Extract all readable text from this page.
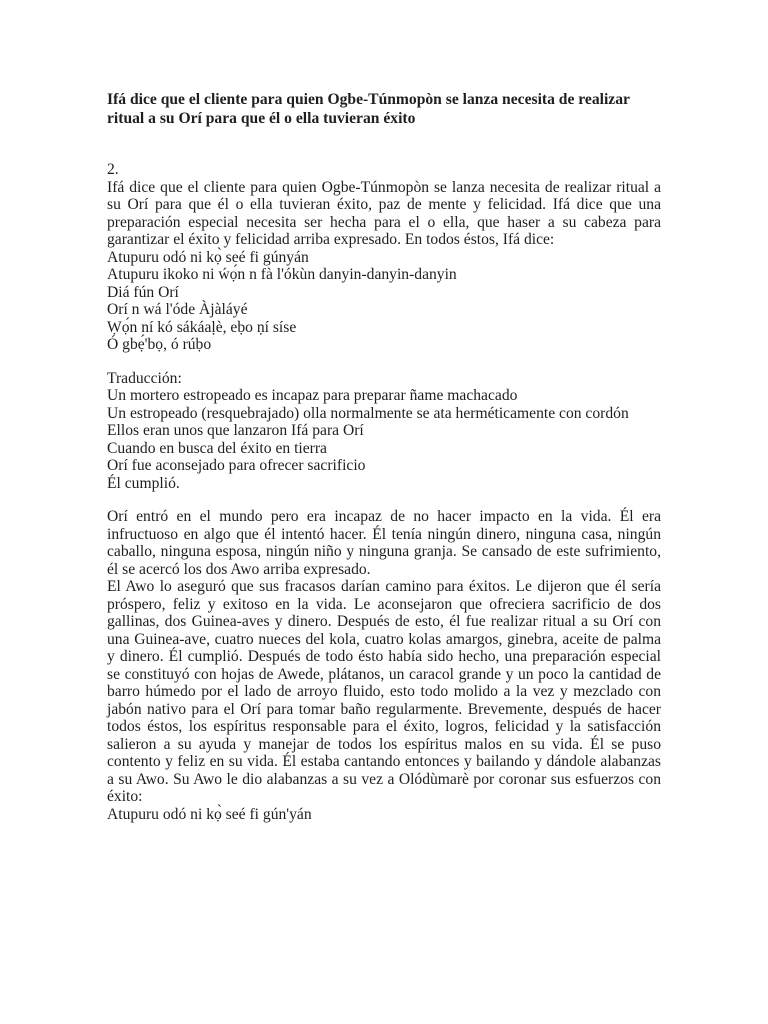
Ifá dice que el cliente para quien Ogbe-Túnmopòn se lanza necesita de realizar ritual a su Orí para que él o ella tuvieran éxito

2.

Ifá dice que el cliente para quien Ogbe-Túnmopòn se lanza necesita de realizar ritual a su Orí para que él o ella tuvieran éxito, paz de mente y felicidad. Ifá dice que una preparación especial necesita ser hecha para el o ella, que haser a su cabeza para garantizar el éxito y felicidad arriba expresado. En todos éstos, Ifá dice:

Atupuru odó ni kọ̀ seé fi gúnyán

Atupuru ikoko ni ẃọ́n n fà l'ókùn danyin-danyin-danyin

Diá fún Orí

Orí n wá l'óde Àjàláyé

Ẉọ́n ní kó sákáaḷè, eḅo ṇí síse

Ó gbẹ́'bọ, ó rúḅo

Traducción:

Un mortero estropeado es incapaz para preparar ñame machacado

Un estropeado (resquebrajado) olla normalmente se ata herméticamente con cordón

Ellos eran unos que lanzaron Ifá para Orí

Cuando en busca del éxito en tierra

Orí fue aconsejado para ofrecer sacrificio

Él cumplió.

Orí entró en el mundo pero era incapaz de no hacer impacto en la vida. Él era infructuoso en algo que él intentó hacer. Él tenía ningún dinero, ninguna casa, ningún caballo, ninguna esposa, ningún niño y ninguna granja. Se cansado de este sufrimiento, él se acercó los dos Awo arriba expresado.

El Awo lo aseguró que sus fracasos darían camino para éxitos. Le dijeron que él sería próspero, feliz y exitoso en la vida. Le aconsejaron que ofreciera sacrificio de dos gallinas, dos Guinea-aves y dinero. Después de esto, él fue realizar ritual a su Orí con una Guinea-ave, cuatro nueces del kola, cuatro kolas amargos, ginebra, aceite de palma y dinero. Él cumplió. Después de todo ésto había sido hecho, una preparación especial se constituyó con hojas de Awede, plátanos, un caracol grande y un poco la cantidad de barro húmedo por el lado de arroyo fluido, esto todo molido a la vez y mezclado con jabón nativo para el Orí para tomar baño regularmente. Brevemente, después de hacer todos éstos, los espíritus responsable para el éxito, logros, felicidad y la satisfacción salieron a su ayuda y manejar de todos los espíritus malos en su vida. Él se puso contento y feliz en su vida. Él estaba cantando entonces y bailando y dándole alabanzas a su Awo. Su Awo le dio alabanzas a su vez a Olódùmarè por coronar sus esfuerzos con éxito:

Atupuru odó ni kọ̀ seé fi gún'yán
